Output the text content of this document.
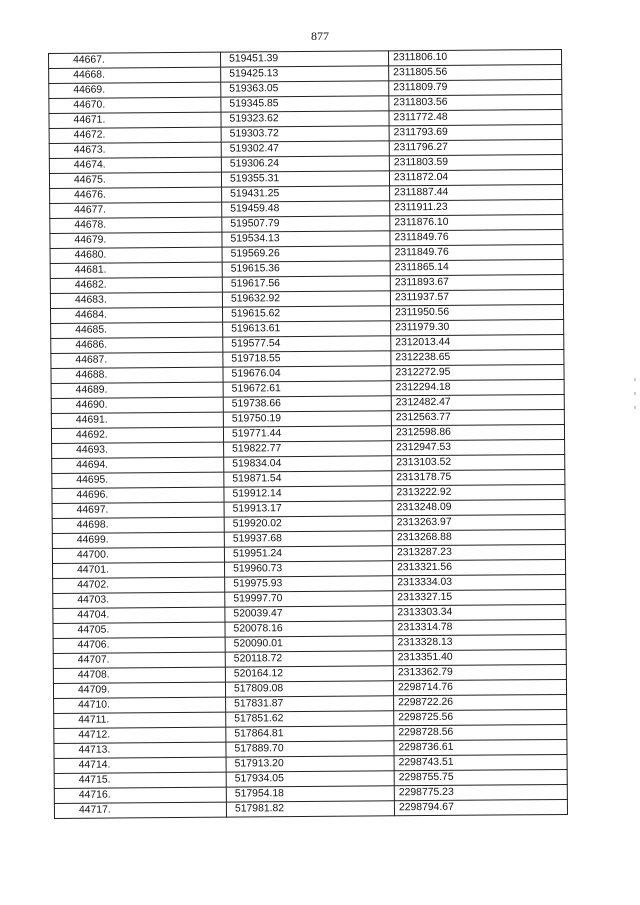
877
44667.	519451.39	2311806.10
44668.	519425.13	2311805.56
44669.	519363.05	2311809.79
44670.	519345.85	2311803.56
44671.	519323.62	2311772.48
44672.	519303.72	2311793.69
44673.	519302.47	2311796.27
44674.	519306.24	2311803.59
44675.	519355.31	2311872.04
44676.	519431.25	2311887.44
44677.	519459.48	2311911.23
44678.	519507.79	2311876.10
44679.	519534.13	2311849.76
44680.	519569.26	2311849.76
44681.	519615.36	2311865.14
44682.	519617.56	2311893.67
44683.	519632.92	2311937.57
44684.	519615.62	2311950.56
44685.	519613.61	2311979.30
44686.	519577.54	2312013.44
44687.	519718.55	2312238.65
44688.	519676.04	2312272.95
44689.	519672.61	2312294.18
44690.	519738.66	2312482.47
44691.	519750.19	2312563.77
44692.	519771.44	2312598.86
44693.	519822.77	2312947.53
44694.	519834.04	2313103.52
44695.	519871.54	2313178.75
44696.	519912.14	2313222.92
44697.	519913.17	2313248.09
44698.	519920.02	2313263.97
44699.	519937.68	2313268.88
44700.	519951.24	2313287.23
44701.	519960.73	2313321.56
44702.	519975.93	2313334.03
44703.	519997.70	2313327.15
44704.	520039.47	2313303.34
44705.	520078.16	2313314.78
44706.	520090.01	2313328.13
44707.	520118.72	2313351.40
44708.	520164.12	2313362.79
44709.	517809.08	2298714.76
44710.	517831.87	2298722.26
44711.	517851.62	2298725.56
44712.	517864.81	2298728.56
44713.	517889.70	2298736.61
44714.	517913.20	2298743.51
44715.	517934.05	2298755.75
44716.	517954.18	2298775.23
44717.	517981.82	2298794.67
